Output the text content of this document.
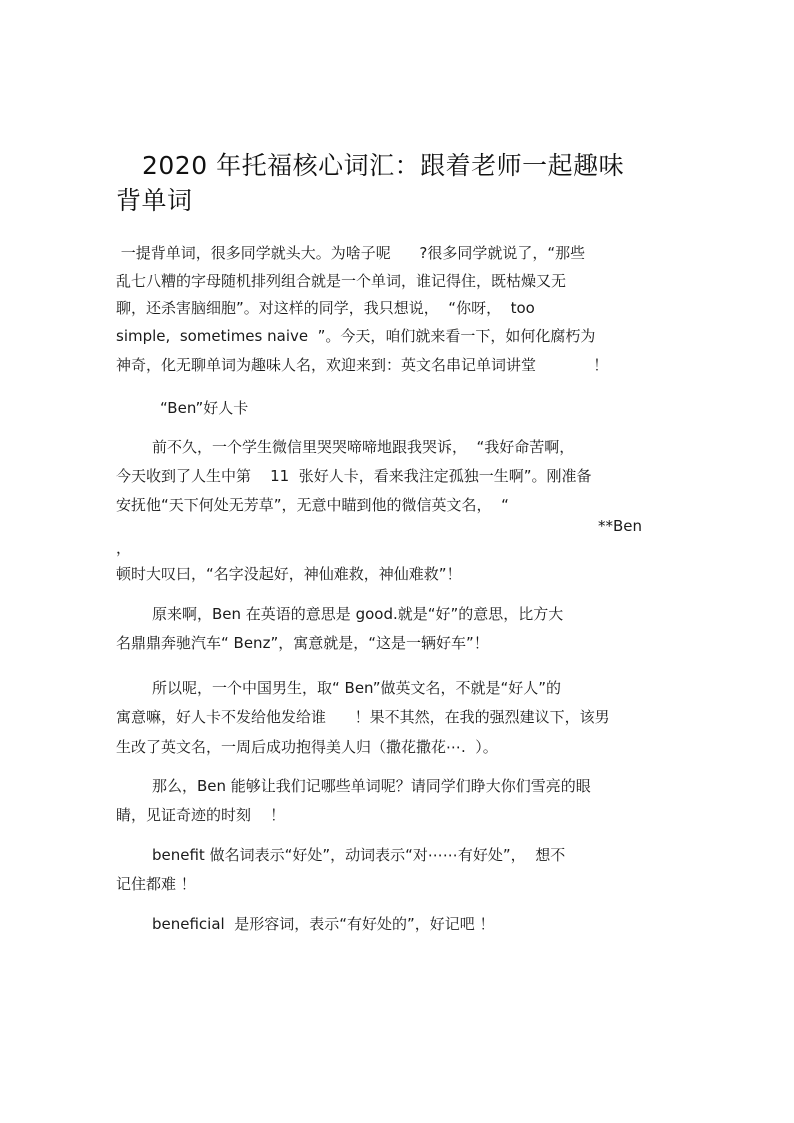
2020 年托福核心词汇：跟着老师一起趣味
背单词

一提背单词，很多同学就头大。为啥子呢      ?很多同学就说了，“那些

乱七八糟的字母随机排列组合就是一个单词，谁记得住，既枯燥又无

聊，还杀害脑细胞”。对这样的同学，我只想说，  “你呀，  too

simple,  sometimes naive  ”。今天，咱们就来看一下，如何化腐朽为

神奇，化无聊单词为趣味人名，欢迎来到：英文名串记单词讲堂            ！

“Ben”好人卡

前不久，一个学生微信里哭哭啼啼地跟我哭诉，  “我好命苦啊，

今天收到了人生中第    11  张好人卡，看来我注定孤独一生啊”。刚准备

安抚他“天下何处无芳草”，无意中瞄到他的微信英文名，  “

**Ben

，

顿时大叹曰，“名字没起好，神仙难救，神仙难救”！

原来啊，Ben 在英语的意思是 good.就是“好”的意思，比方大

名鼎鼎奔驰汽车“ Benz”，寓意就是，“这是一辆好车”！

所以呢，一个中国男生，取“ Ben”做英文名，不就是“好人”的

寓意嘛，好人卡不发给他发给谁      ！果不其然，在我的强烈建议下，该男

生改了英文名，一周后成功抱得美人归（撒花撒花⋯.  ）。

那么，Ben 能够让我们记哪些单词呢？请同学们睁大你们雪亮的眼

睛，见证奇迹的时刻    ！

benefit 做名词表示“好处”，动词表示“对⋯⋯有好处”，  想不

记住都难 ！

beneficial  是形容词，表示“有好处的”，好记吧 ！
